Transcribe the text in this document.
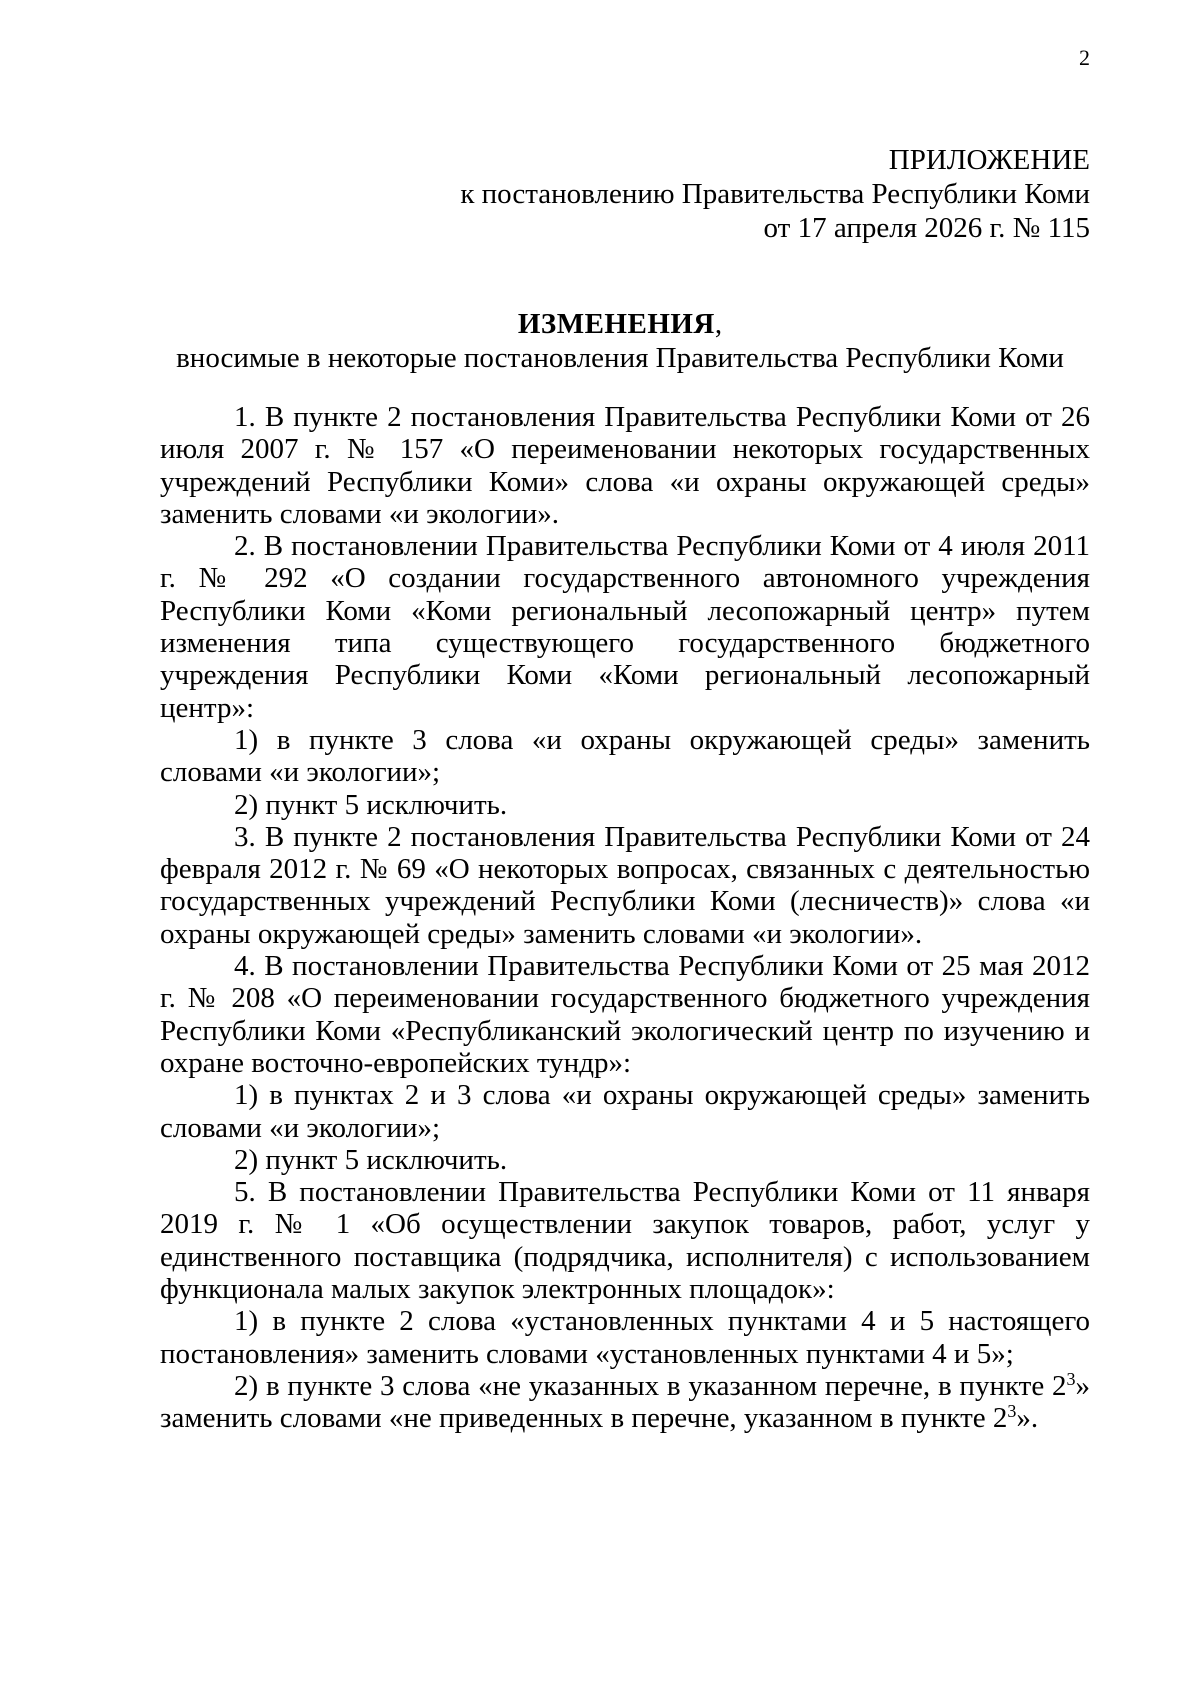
2
ПРИЛОЖЕНИЕ
к постановлению Правительства Республики Коми
от 17 апреля 2026 г. № 115
ИЗМЕНЕНИЯ,
вносимые в некоторые постановления Правительства Республики Коми

1. В пункте 2 постановления Правительства Республики Коми от 26 июля 2007 г. № 157 «О переименовании некоторых государственных учреждений Республики Коми» слова «и охраны окружающей среды» заменить словами «и экологии».

2. В постановлении Правительства Республики Коми от 4 июля 2011 г. № 292 «О создании государственного автономного учреждения Республики Коми «Коми региональный лесопожарный центр» путем изменения типа существующего государственного бюджетного учреждения Республики Коми «Коми региональный лесопожарный центр»:

1) в пункте 3 слова «и охраны окружающей среды» заменить словами «и экологии»;

2) пункт 5 исключить.

3. В пункте 2 постановления Правительства Республики Коми от 24 февраля 2012 г. № 69 «О некоторых вопросах, связанных с деятельностью государственных учреждений Республики Коми (лесничеств)» слова «и охраны окружающей среды» заменить словами «и экологии».

4. В постановлении Правительства Республики Коми от 25 мая 2012 г. № 208 «О переименовании государственного бюджетного учреждения Республики Коми «Республиканский экологический центр по изучению и охране восточно-европейских тундр»:

1) в пунктах 2 и 3 слова «и охраны окружающей среды» заменить словами «и экологии»;

2) пункт 5 исключить.

5. В постановлении Правительства Республики Коми от 11 января 2019 г. № 1 «Об осуществлении закупок товаров, работ, услуг у единственного поставщика (подрядчика, исполнителя) с использованием функционала малых закупок электронных площадок»:

1) в пункте 2 слова «установленных пунктами 4 и 5 настоящего постановления» заменить словами «установленных пунктами 4 и 5»;

2) в пункте 3 слова «не указанных в указанном перечне, в пункте $2^3$» заменить словами «не приведенных в перечне, указанном в пункте $2^3$».
